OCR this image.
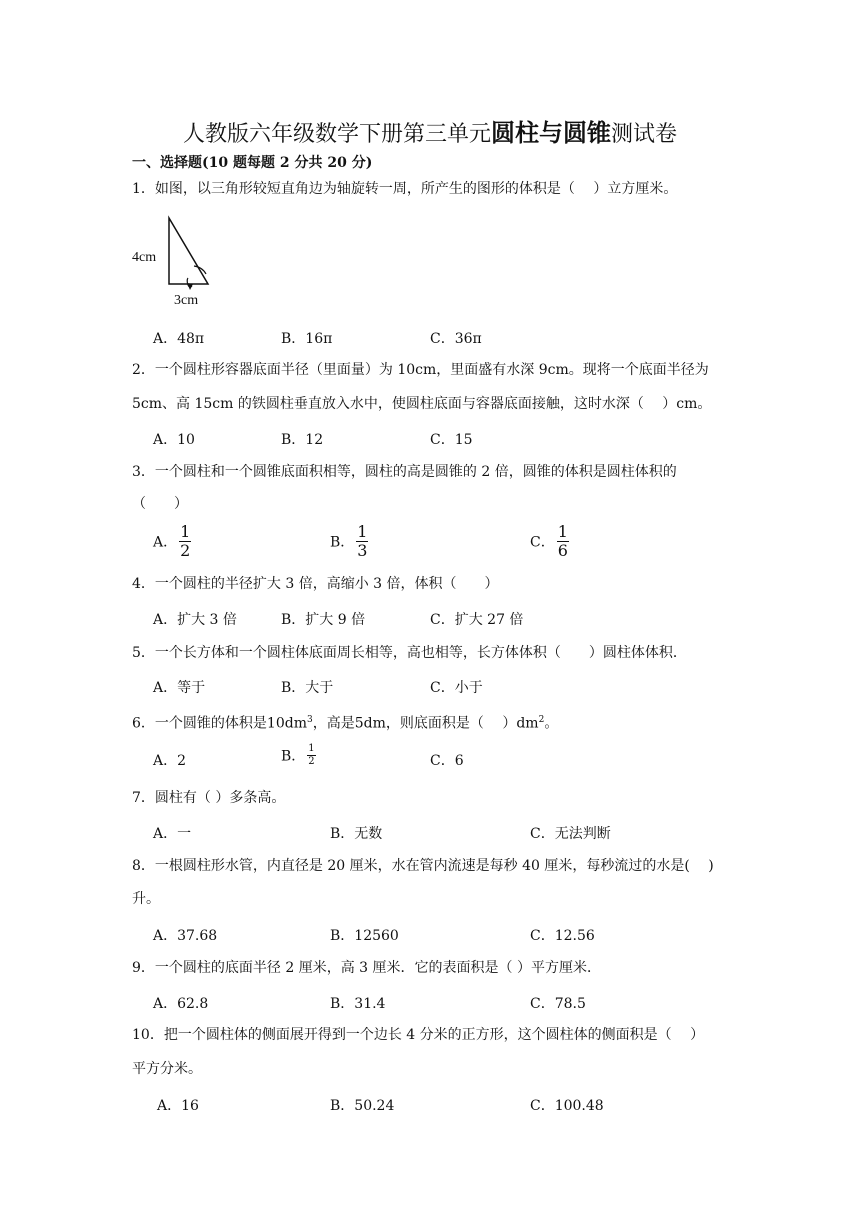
人教版六年级数学下册第三单元圆柱与圆锥测试卷
一、选择题(10 题每题 2 分共 20 分)
1．如图，以三角形较短直角边为轴旋转一周，所产生的图形的体积是（　 ）立方厘米。
4cm
3cm
A．48π	B．16π	C．36π
2．一个圆柱形容器底面半径（里面量）为 10cm，里面盛有水深 9cm。现将一个底面半径为
5cm、高 15cm 的铁圆柱垂直放入水中，使圆柱底面与容器底面接触，这时水深（　 ）cm。
A．10	B．12	C．15
3．一个圆柱和一个圆锥底面积相等，圆柱的高是圆锥的 2 倍，圆锥的体积是圆柱体积的
（　　）
A． $\frac{1}{2}$	B． $\frac{1}{3}$	C． $\frac{1}{6}$
4．一个圆柱的半径扩大 3 倍，高缩小 3 倍，体积（　　）
A．扩大 3 倍	B．扩大 9 倍	C．扩大 27 倍
5．一个长方体和一个圆柱体底面周长相等，高也相等，长方体体积（　　）圆柱体体积．
A．等于	B．大于	C．小于
6．一个圆锥的体积是$10dm^3$，高是5dm，则底面积是（　 ）$dm^2$。
A．2	B． $\frac{1}{2}$	C．6
7．圆柱有（ ）多条高。
A．一	B．无数	C．无法判断
8．一根圆柱形水管，内直径是 20 厘米，水在管内流速是每秒 40 厘米，每秒流过的水是(　 )
升。
A．37.68	B．12560	C．12.56
9．一个圆柱的底面半径 2 厘米，高 3 厘米．它的表面积是（ ）平方厘米．
A．62.8	B．31.4	C．78.5
10．把一个圆柱体的侧面展开得到一个边长 4 分米的正方形，这个圆柱体的侧面积是（　 ）
平方分米。
A．16	B．50.24	C．100.48
